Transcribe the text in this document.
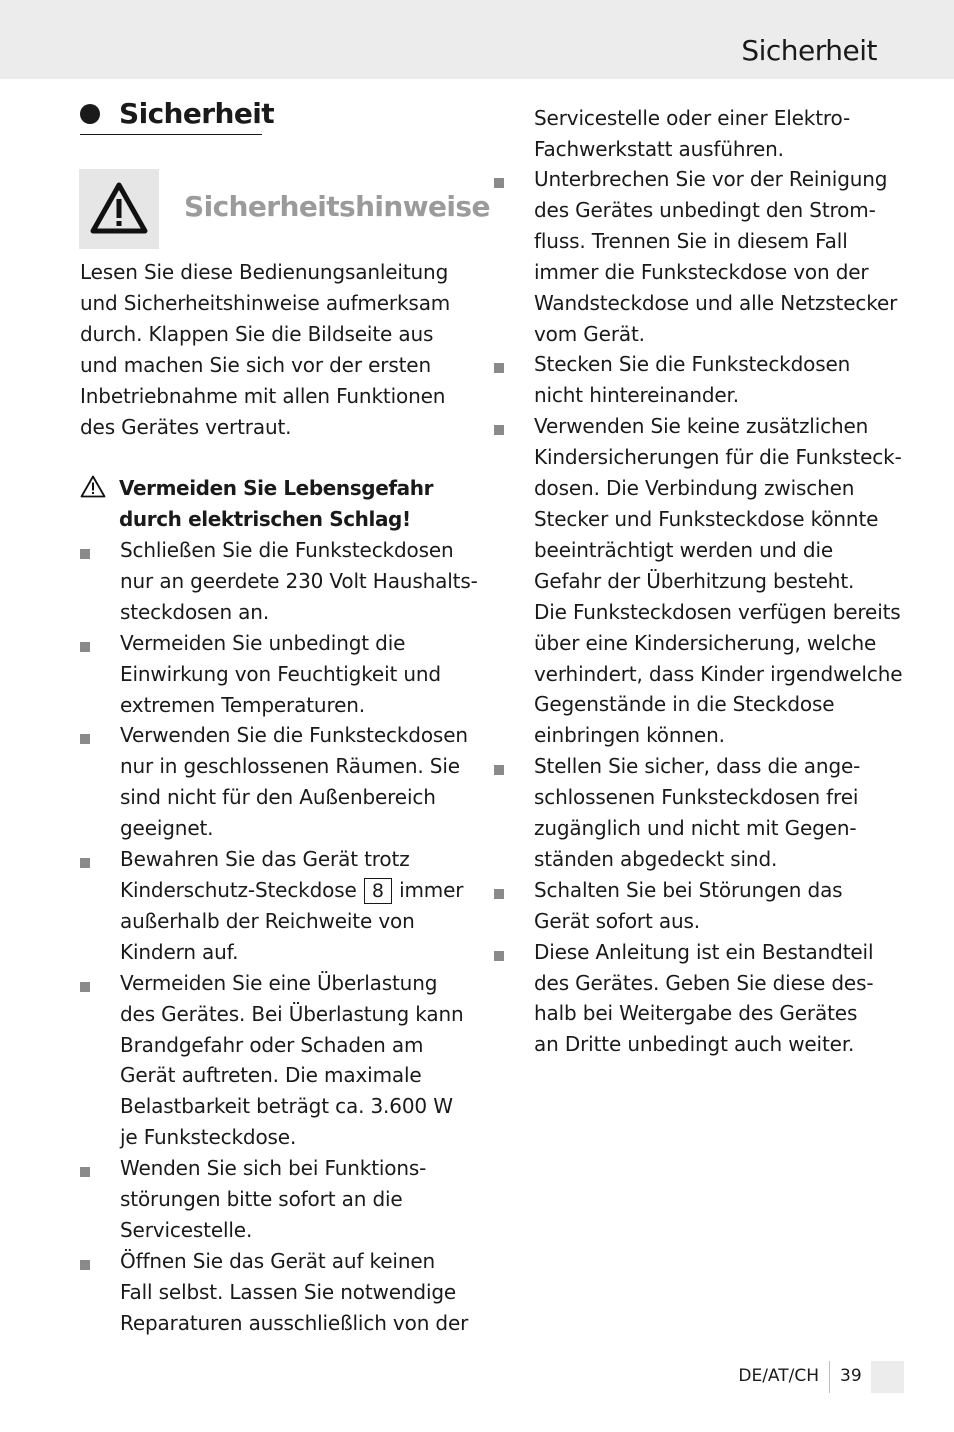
Sicherheit
Sicherheit
Sicherheitshinweise
Lesen Sie diese Bedienungsanleitung
und Sicherheitshinweise aufmerksam
durch. Klappen Sie die Bildseite aus
und machen Sie sich vor der ersten
Inbetriebnahme mit allen Funktionen
des Gerätes vertraut.
Vermeiden Sie Lebensgefahr
durch elektrischen Schlag!
Schließen Sie die Funksteckdosen
nur an geerdete 230 Volt Haushalts-
steckdosen an.
Vermeiden Sie unbedingt die
Einwirkung von Feuchtigkeit und
extremen Temperaturen.
Verwenden Sie die Funksteckdosen
nur in geschlossenen Räumen. Sie
sind nicht für den Außenbereich
geeignet.
Bewahren Sie das Gerät trotz
Kinderschutz-Steckdose 8 immer
außerhalb der Reichweite von
Kindern auf.
Vermeiden Sie eine Überlastung
des Gerätes. Bei Überlastung kann
Brandgefahr oder Schaden am
Gerät auftreten. Die maximale
Belastbarkeit beträgt ca. 3.600 W
je Funksteckdose.
Wenden Sie sich bei Funktions-
störungen bitte sofort an die
Servicestelle.
Öffnen Sie das Gerät auf keinen
Fall selbst. Lassen Sie notwendige
Reparaturen ausschließlich von der
Servicestelle oder einer Elektro-
Fachwerkstatt ausführen.
Unterbrechen Sie vor der Reinigung
des Gerätes unbedingt den Strom-
fluss. Trennen Sie in diesem Fall
immer die Funksteckdose von der
Wandsteckdose und alle Netzstecker
vom Gerät.
Stecken Sie die Funksteckdosen
nicht hintereinander.
Verwenden Sie keine zusätzlichen
Kindersicherungen für die Funksteck-
dosen. Die Verbindung zwischen
Stecker und Funksteckdose könnte
beeinträchtigt werden und die
Gefahr der Überhitzung besteht.
Die Funksteckdosen verfügen bereits
über eine Kindersicherung, welche
verhindert, dass Kinder irgendwelche
Gegenstände in die Steckdose
einbringen können.
Stellen Sie sicher, dass die ange-
schlossenen Funksteckdosen frei
zugänglich und nicht mit Gegen-
ständen abgedeckt sind.
Schalten Sie bei Störungen das
Gerät sofort aus.
Diese Anleitung ist ein Bestandteil
des Gerätes. Geben Sie diese des-
halb bei Weitergabe des Gerätes
an Dritte unbedingt auch weiter.
DE/AT/CH 39
